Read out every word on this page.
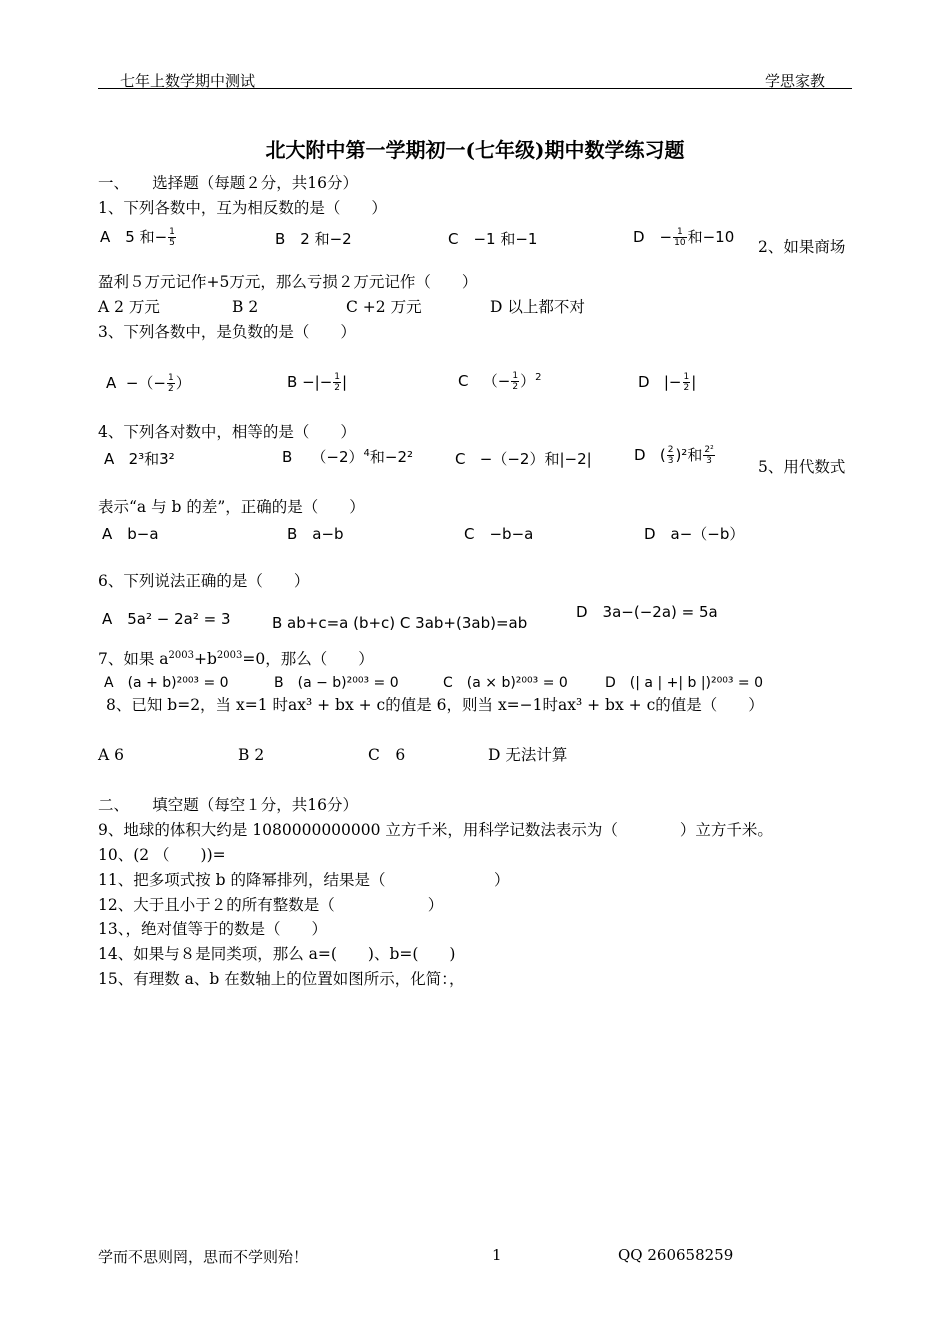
七年上数学期中测试	学思家教
北大附中第一学期初一(七年级)期中数学练习题
一、　　选择题（每题２分，共16分）
1、下列各数中，互为相反数的是（　　）
A　5 和− $\frac{1}{5}$	B　2 和−2	C　−1 和−1	D　− $\frac{1}{10}$ 和−10
2、如果商场
盈利５万元记作+5万元，那么亏损２万元记作（　　）
A 2 万元	B 2	C +2 万元	D 以上都不对
3、下列各数中，是负数的是（　　）
A −（− $\frac{1}{2}$ ）	B −|− $\frac{1}{2}$ |	C （− $\frac{1}{2} )^2$	D |− $\frac{1}{2}$ |
4、下列各对数中，相等的是（　　）
A 2³和3²	B $(-2)^4$和−2²	C −（−2）和|−2|	D   ( $\frac{2}{3} )^2$和 $\frac{\text{2²}}{3}$
5、用代数式
表示“a 与 b 的差”，正确的是（　　）
A　b−a	B　a−b	C　−b−a	D　a−（−b）
6、下列说法正确的是（　　）
A　5a² − 2a² = 3	B ab+c=a (b+c) C 3ab+(3ab)=ab
D　3a−(−2a) = 5a
7、如果 $a^{2003}+b^{2003}=0$，那么（　　）
A　(a + b)²⁰⁰³ = 0	B　(a − b)²⁰⁰³ = 0	C　(a × b)²⁰⁰³ = 0	D　(| a | +| b |)²⁰⁰³ = 0
8、已知 b=2，当 x=1 时ax³ + bx + c的值是 6，则当 x=−1时ax³ + bx + c的值是（　　）
A 6	B 2	C　6	D 无法计算
二、　　填空题（每空１分，共16分）
9、地球的体积大约是 1080000000000 立方千米，用科学记数法表示为（　　　　）立方千米。
10、(2 （　　))=
11、把多项式按 b 的降幂排列，结果是（　　　　　　　）
12、大于且小于２的所有整数是（　　　　　　）
13、，绝对值等于的数是（　　）
14、如果与８是同类项，那么 a=(　　)、b=(　　)
15、有理数 a、b 在数轴上的位置如图所示，化简：，
学而不思则罔，思而不学则殆！	1	QQ 260658259
